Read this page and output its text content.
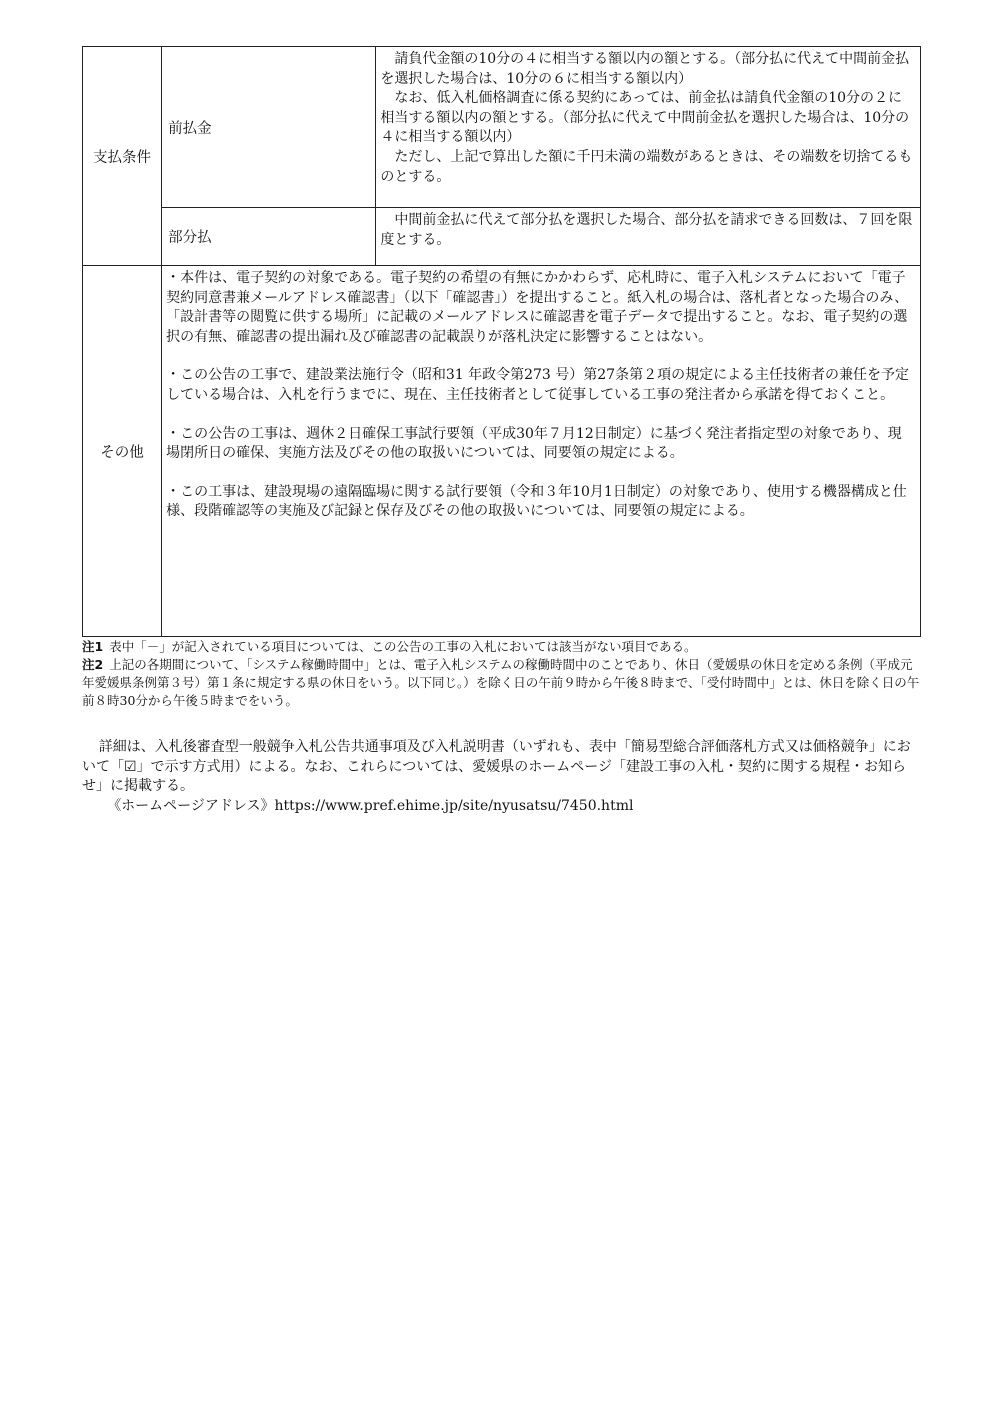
支払条件	前払金	請負代金額の10分の４に相当する額以内の額とする。（部分払に代えて中間前金払を選択した場合は、10分の６に相当する額以内）

なお、低入札価格調査に係る契約にあっては、前金払は請負代金額の10分の２に相当する額以内の額とする。（部分払に代えて中間前金払を選択した場合は、10分の４に相当する額以内）

ただし、上記で算出した額に千円未満の端数があるときは、その端数を切捨てるものとする。

	部分払	中間前金払に代えて部分払を選択した場合、部分払を請求できる回数は、７回を限度とする。

その他	・本件は、電子契約の対象である。電子契約の希望の有無にかかわらず、応札時に、電子入札システムにおいて「電子契約同意書兼メールアドレス確認書」（以下「確認書」）を提出すること。紙入札の場合は、落札者となった場合のみ、「設計書等の閲覧に供する場所」に記載のメールアドレスに確認書を電子データで提出すること。なお、電子契約の選択の有無、確認書の提出漏れ及び確認書の記載誤りが落札決定に影響することはない。

・この公告の工事で、建設業法施行令（昭和31 年政令第273 号）第27条第２項の規定による主任技術者の兼任を予定している場合は、入札を行うまでに、現在、主任技術者として従事している工事の発注者から承諾を得ておくこと。

・この公告の工事は、週休２日確保工事試行要領（平成30年７月12日制定）に基づく発注者指定型の対象であり、現場閉所日の確保、実施方法及びその他の取扱いについては、同要領の規定による。

・この工事は、建設現場の遠隔臨場に関する試行要領（令和３年10月1日制定）の対象であり、使用する機器構成と仕様、段階確認等の実施及び記録と保存及びその他の取扱いについては、同要領の規定による。	

注1 表中「－」が記入されている項目については、この公告の工事の入札においては該当がない項目である。

注2 上記の各期間について、「システム稼働時間中」とは、電子入札システムの稼働時間中のことであり、休日（愛媛県の休日を定める条例（平成元年愛媛県条例第３号）第１条に規定する県の休日をいう。以下同じ。）を除く日の午前９時から午後８時まで、「受付時間中」とは、休日を除く日の午前８時30分から午後５時までをいう。

詳細は、入札後審査型一般競争入札公告共通事項及び入札説明書（いずれも、表中「簡易型総合評価落札方式又は価格競争」において「☑」で示す方式用）による。なお、これらについては、愛媛県のホームページ「建設工事の入札・契約に関する規程・お知らせ」に掲載する。

《ホームページアドレス》https://www.pref.ehime.jp/site/nyusatsu/7450.html
